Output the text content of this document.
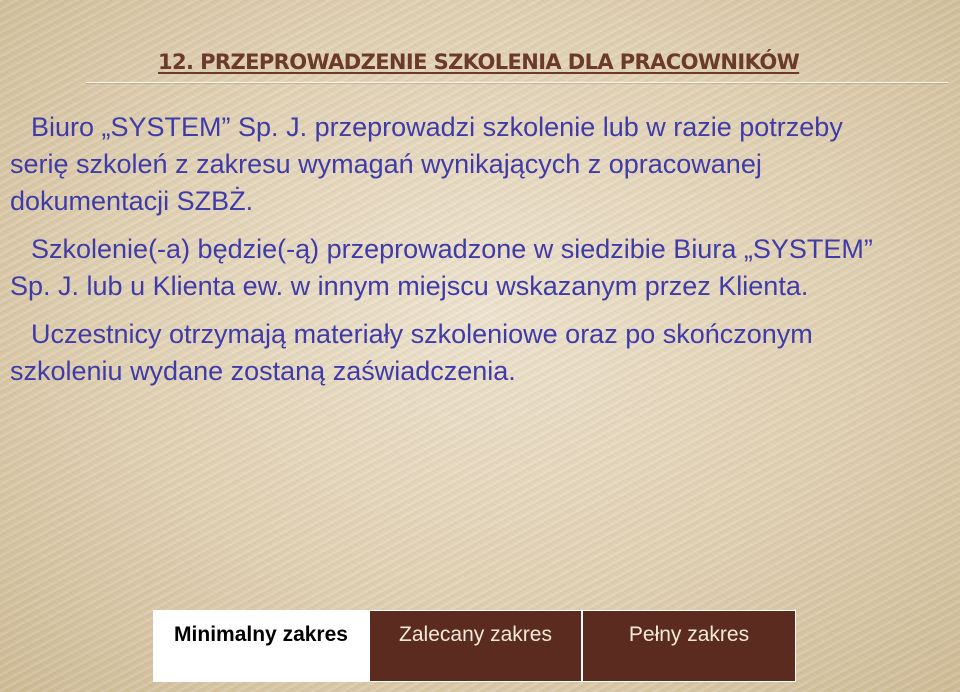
12. PRZEPROWADZENIE SZKOLENIA DLA PRACOWNIKÓW

Biuro „SYSTEM” Sp. J. przeprowadzi szkolenie lub w razie potrzeby serię szkoleń z zakresu wymagań wynikających z opracowanej dokumentacji SZBŻ.

Szkolenie(-a) będzie(-ą) przeprowadzone w siedzibie Biura „SYSTEM” Sp. J. lub u Klienta ew. w innym miejscu wskazanym przez Klienta.

Uczestnicy otrzymają materiały szkoleniowe oraz po skończonym szkoleniu wydane zostaną zaświadczenia.

Minimalny zakres	Zalecany zakres	Pełny zakres
